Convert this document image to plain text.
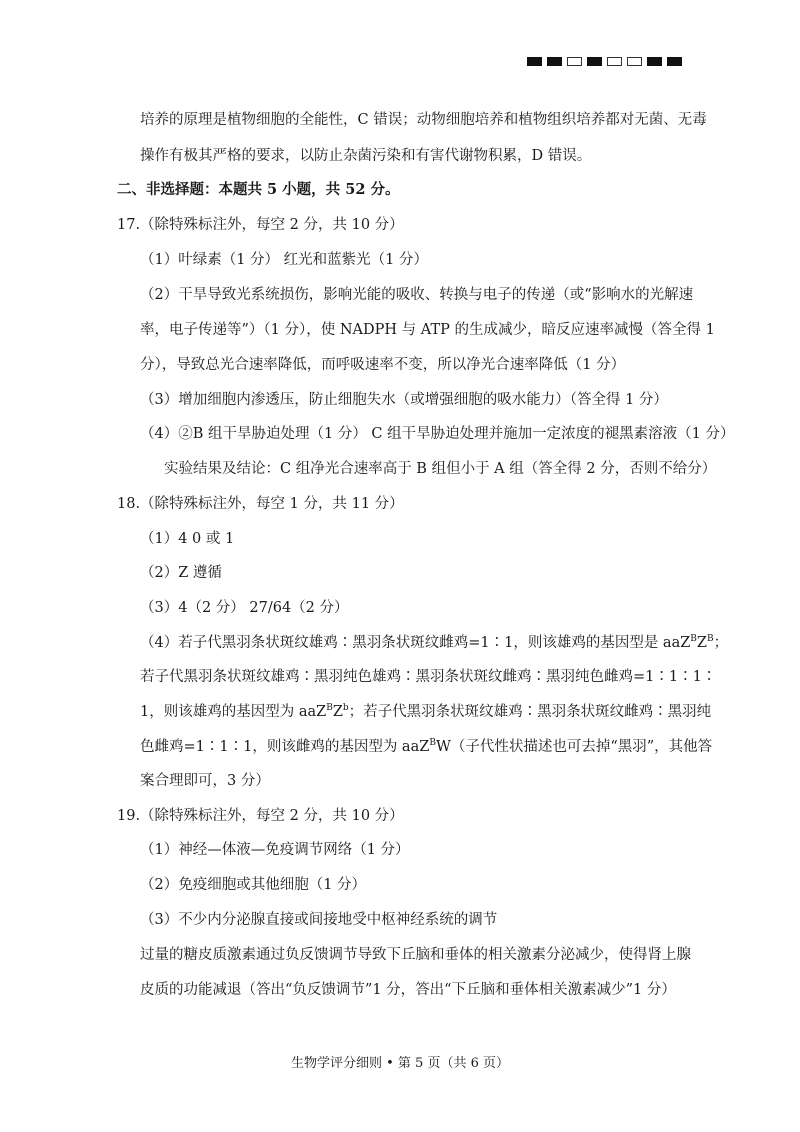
培养的原理是植物细胞的全能性，C 错误；动物细胞培养和植物组织培养都对无菌、无毒
操作有极其严格的要求，以防止杂菌污染和有害代谢物积累，D 错误。
二、非选择题：本题共 5 小题，共 52 分。
17.（除特殊标注外，每空 2 分，共 10 分）
（1）叶绿素（1 分） 红光和蓝紫光（1 分）
（2）干旱导致光系统损伤，影响光能的吸收、转换与电子的传递（或“影响水的光解速
率，电子传递等”）（1 分），使 NADPH 与 ATP 的生成减少，暗反应速率减慢（答全得 1
分），导致总光合速率降低，而呼吸速率不变，所以净光合速率降低（1 分）
（3）增加细胞内渗透压，防止细胞失水（或增强细胞的吸水能力）（答全得 1 分）
（4）②B 组干旱胁迫处理（1 分） C 组干旱胁迫处理并施加一定浓度的褪黑素溶液（1 分）
实验结果及结论：C 组净光合速率高于 B 组但小于 A 组（答全得 2 分，否则不给分）
18.（除特殊标注外，每空 1 分，共 11 分）
（1）4 0 或 1
（2）Z 遵循
（3）4（2 分） 27/64（2 分）
（4）若子代黑羽条状斑纹雄鸡∶黑羽条状斑纹雌鸡=1∶1，则该雄鸡的基因型是 $aaZ^BZ^B$；
若子代黑羽条状斑纹雄鸡∶黑羽纯色雄鸡∶黑羽条状斑纹雌鸡∶黑羽纯色雌鸡=1∶1∶1∶
1，则该雄鸡的基因型为 $aaZ^BZ^b$；若子代黑羽条状斑纹雄鸡∶黑羽条状斑纹雌鸡∶黑羽纯
色雌鸡=1∶1∶1，则该雌鸡的基因型为 aaZ$^B$W（子代性状描述也可去掉“黑羽”，其他答
案合理即可，3 分）
19.（除特殊标注外，每空 2 分，共 10 分）
（1）神经—体液—免疫调节网络（1 分）
（2）免疫细胞或其他细胞（1 分）
（3）不少内分泌腺直接或间接地受中枢神经系统的调节
过量的糖皮质激素通过负反馈调节导致下丘脑和垂体的相关激素分泌减少，使得肾上腺
皮质的功能减退（答出“负反馈调节”1 分，答出“下丘脑和垂体相关激素减少”1 分）
生物学评分细则 • 第 5 页（共 6 页）
